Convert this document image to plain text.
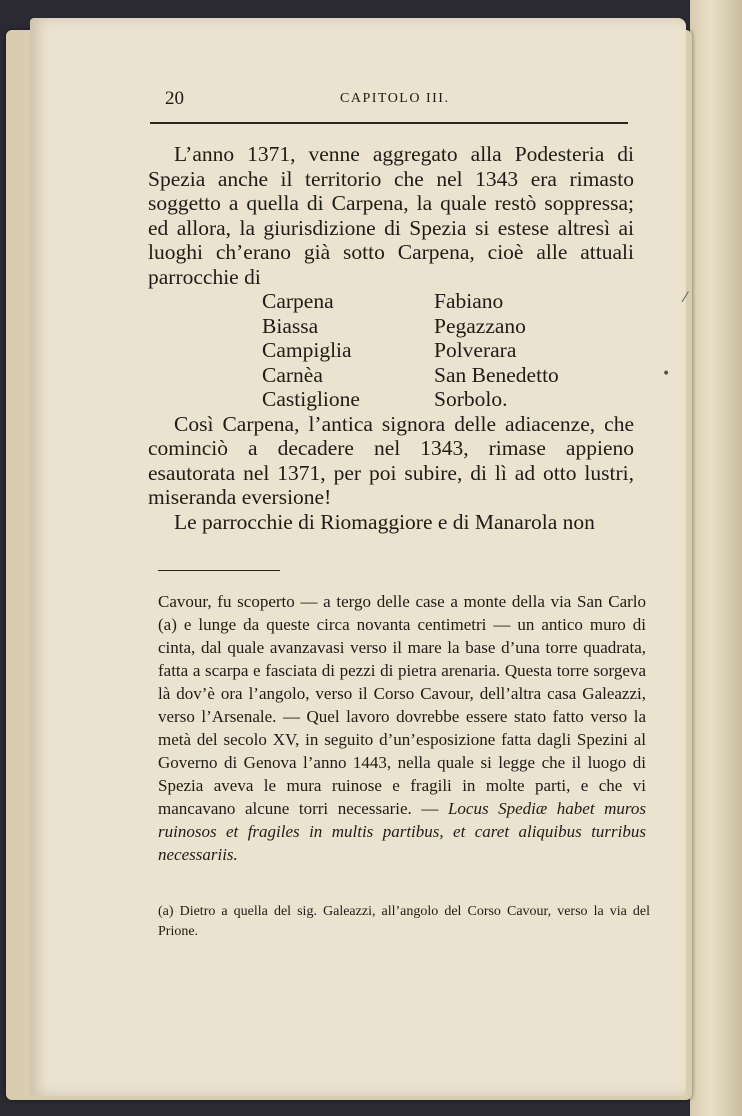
20	CAPITOLO III.

L’anno 1371, venne aggregato alla Podesteria di Spezia anche il territorio che nel 1343 era rimasto soggetto a quella di Carpena, la quale restò soppressa; ed allora, la giurisdizione di Spezia si estese altresì ai luoghi ch’erano già sotto Carpena, cioè alle attuali parrocchie di

Carpena	Fabiano
Biassa	Pegazzano
Campiglia	Polverara
Carnèa	San Benedetto
Castiglione	Sorbolo.

Così Carpena, l’antica signora delle adiacenze, che cominciò a decadere nel 1343, rimase appieno esautorata nel 1371, per poi subire, di lì ad otto lustri, miseranda eversione!

Le parrocchie di Riomaggiore e di Manarola non

Cavour, fu scoperto — a tergo delle case a monte della via San Carlo (a) e lunge da queste circa novanta centimetri — un antico muro di cinta, dal quale avanzavasi verso il mare la base d’una torre quadrata, fatta a scarpa e fasciata di pezzi di pietra arenaria. Questa torre sorgeva là dov’è ora l’angolo, verso il Corso Cavour, dell’altra casa Galeazzi, verso l’Arsenale. — Quel lavoro dovrebbe essere stato fatto verso la metà del secolo XV, in seguito d’un’esposizione fatta dagli Spezini al Governo di Genova l’anno 1443, nella quale si legge che il luogo di Spezia aveva le mura ruinose e fragili in molte parti, e che vi mancavano alcune torri necessarie. — Locus Spediæ habet muros ruinosos et fragiles in multis partibus, et caret aliquibus turribus necessariis.

(a) Dietro a quella del sig. Galeazzi, all’angolo del Corso Cavour, verso la via del Prione.
⁄
•
